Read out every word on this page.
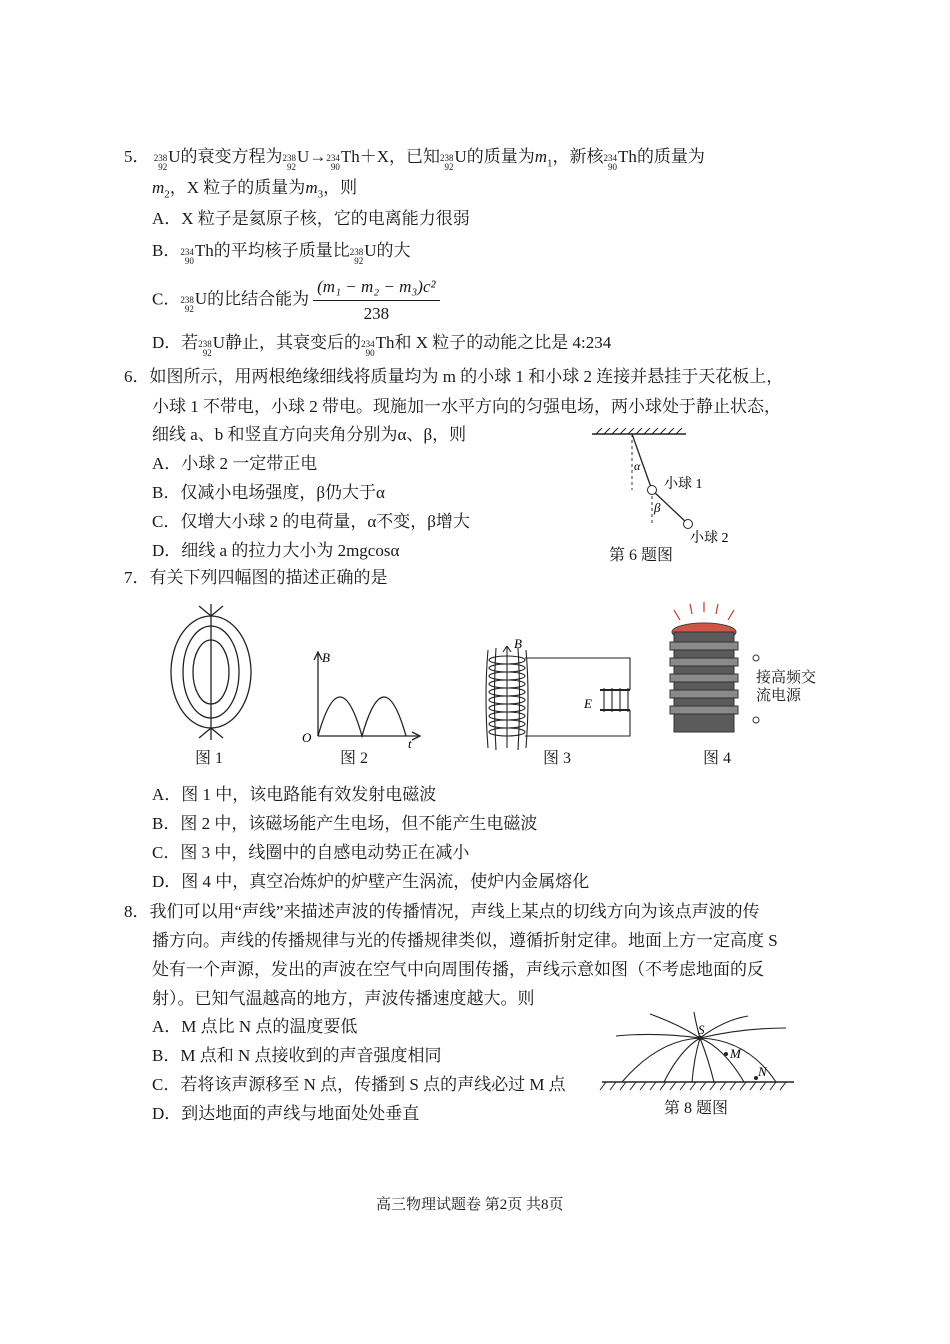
5． 238
92
U的衰变方程为 238
92
U→ 234
90
Th＋X，已知 238
92
U的质量为$m_1$，新核 234
90
Th的质量为
$m_2$，X 粒子的质量为$m_3$，则
A．X 粒子是氦原子核，它的电离能力很弱
B． 234
90
Th的平均核子质量比 238
92
U的大
C． 238
92
U的比结合能为 $\frac{\text{(m₁ − m₂ − m₃)c²}}{238}$
D．若 238
92
U静止，其衰变后的 234
90
Th和 X 粒子的动能之比是 4:234
6．如图所示，用两根绝缘细线将质量均为 m 的小球 1 和小球 2 连接并悬挂于天花板上，
小球 1 不带电，小球 2 带电。现施加一水平方向的匀强电场，两小球处于静止状态，
细线 a、b 和竖直方向夹角分别为α、β，则
A．小球 2 一定带正电
B．仅减小电场强度，β仍大于α
C．仅增大小球 2 的电荷量，α不变，β增大
D．细线 a 的拉力大小为 2mgcosα
α
β
小球 1
小球 2
第 6 题图
7．有关下列四幅图的描述正确的是
图 1
B
O	t
图 2
B
E
图 3
接高频交
流电源
图 4
A．图 1 中，该电路能有效发射电磁波
B．图 2 中，该磁场能产生电场，但不能产生电磁波
C．图 3 中，线圈中的自感电动势正在减小
D．图 4 中，真空冶炼炉的炉壁产生涡流，使炉内金属熔化
8．我们可以用“声线”来描述声波的传播情况，声线上某点的切线方向为该点声波的传
播方向。声线的传播规律与光的传播规律类似，遵循折射定律。地面上方一定高度 S
处有一个声源，发出的声波在空气中向周围传播，声线示意如图（不考虑地面的反
射）。已知气温越高的地方，声波传播速度越大。则
A．M 点比 N 点的温度要低
B．M 点和 N 点接收到的声音强度相同
C．若将该声源移至 N 点，传播到 S 点的声线必过 M 点
D．到达地面的声线与地面处处垂直
S
M
N
第 8 题图
高三物理试题卷 第2页 共8页
